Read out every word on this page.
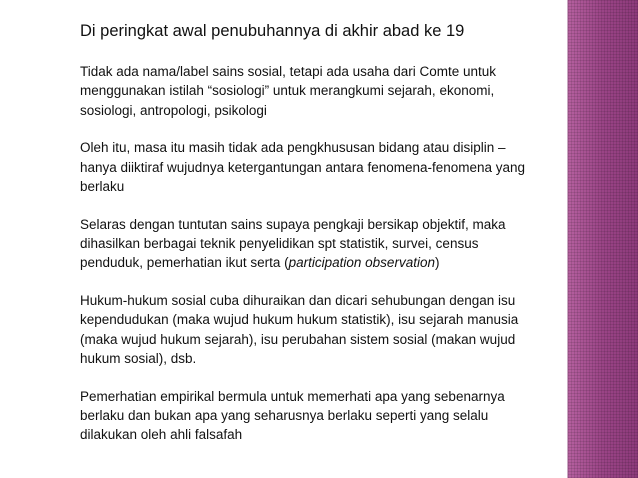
Di peringkat awal penubuhannya di akhir abad ke 19
Tidak ada nama/label sains sosial, tetapi ada usaha dari Comte untuk
menggunakan istilah “sosiologi” untuk merangkumi sejarah, ekonomi,
sosiologi, antropologi, psikologi
Oleh itu, masa itu masih tidak ada pengkhususan bidang atau disiplin –
hanya diiktiraf wujudnya ketergantungan antara fenomena-fenomena yang
berlaku
Selaras dengan tuntutan sains supaya pengkaji bersikap objektif, maka
dihasilkan berbagai teknik penyelidikan spt statistik, survei, census
penduduk, pemerhatian ikut serta (participation observation)
Hukum-hukum sosial cuba dihuraikan dan dicari sehubungan dengan isu
kependudukan (maka wujud hukum hukum statistik), isu sejarah manusia
(maka wujud hukum sejarah), isu perubahan sistem sosial (makan wujud
hukum sosial), dsb.
Pemerhatian empirikal bermula untuk memerhati apa yang sebenarnya
berlaku dan bukan apa yang seharusnya berlaku seperti yang selalu
dilakukan oleh ahli falsafah
